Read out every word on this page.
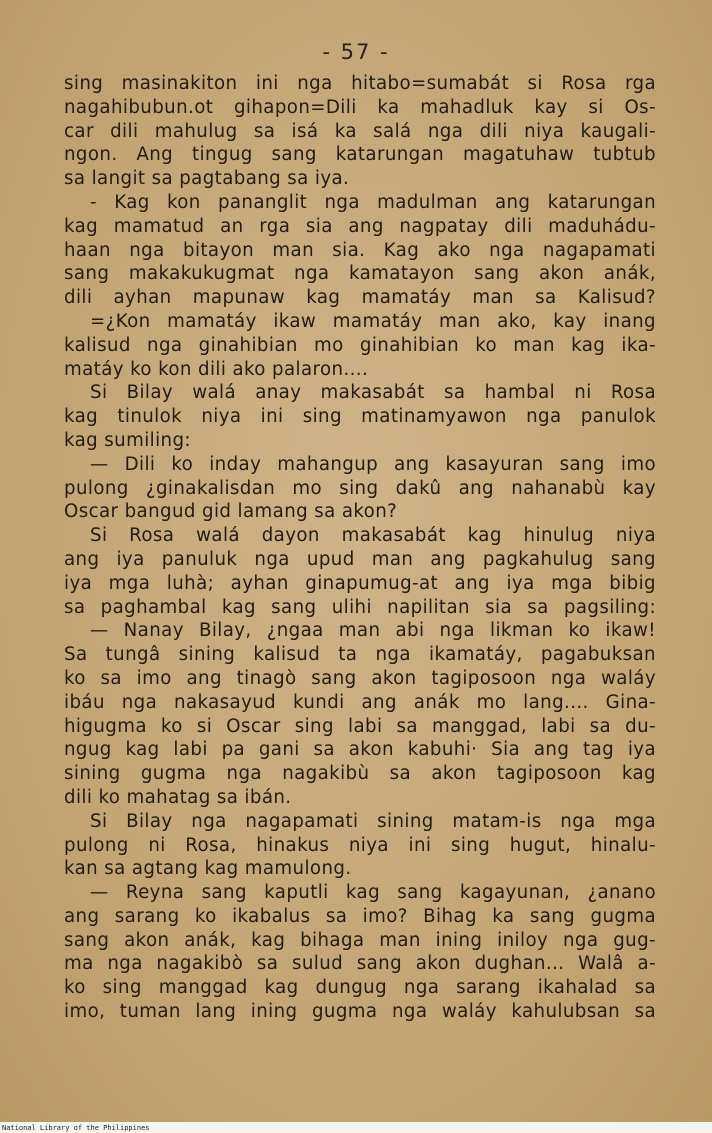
- 57 -
sing masinakiton ini nga hitabo=sumabát si Rosa rga
nagahibubun.ot gihapon=Dili ka mahadluk kay si Os-
car dili mahulug sa isá ka salá nga dili niya kaugali-
ngon. Ang tingug sang katarungan magatuhaw tubtub
sa langit sa pagtabang sa iya.
- Kag kon pananglit nga madulman ang katarungan
kag mamatud an rga sia ang nagpatay dili maduhádu-
haan nga bitayon man sia. Kag ako nga nagapamati
sang makakukugmat nga kamatayon sang akon anák,
dili ayhan mapunaw kag mamatáy man sa Kalisud?
=¿Kon mamatáy ikaw mamatáy man ako, kay inang
kalisud nga ginahibian mo ginahibian ko man kag ika-
matáy ko kon dili ako palaron....
Si Bilay walá anay makasabát sa hambal ni Rosa
kag tinulok niya ini sing matinamyawon nga panulok
kag sumiling:
— Dili ko inday mahangup ang kasayuran sang imo
pulong ¿ginakalisdan mo sing dakû ang nahanabù kay
Oscar bangud gid lamang sa akon?
Si Rosa walá dayon makasabát kag hinulug niya
ang iya panuluk nga upud man ang pagkahulug sang
iya mga luhà; ayhan ginapumug-at ang iya mga bibig
sa paghambal kag sang ulihi napilitan sia sa pagsiling:
— Nanay Bilay, ¿ngaa man abi nga likman ko ikaw!
Sa tungâ sining kalisud ta nga ikamatáy, pagabuksan
ko sa imo ang tinagò sang akon tagiposoon nga waláy
ibáu nga nakasayud kundi ang anák mo lang.... Gina-
higugma ko si Oscar sing labi sa manggad, labi sa du-
ngug kag labi pa gani sa akon kabuhi· Sia ang tag iya
sining gugma nga nagakibù sa akon tagiposoon kag
dili ko mahatag sa ibán.
Si Bilay nga nagapamati sining matam-is nga mga
pulong ni Rosa, hinakus niya ini sing hugut, hinalu-
kan sa agtang kag mamulong.
— Reyna sang kaputli kag sang kagayunan, ¿anano
ang sarang ko ikabalus sa imo? Bihag ka sang gugma
sang akon anák, kag bihaga man ining iniloy nga gug-
ma nga nagakibò sa sulud sang akon dughan... Walâ a-
ko sing manggad kag dungug nga sarang ikahalad sa
imo, tuman lang ining gugma nga waláy kahulubsan sa
National Library of the Philippines
